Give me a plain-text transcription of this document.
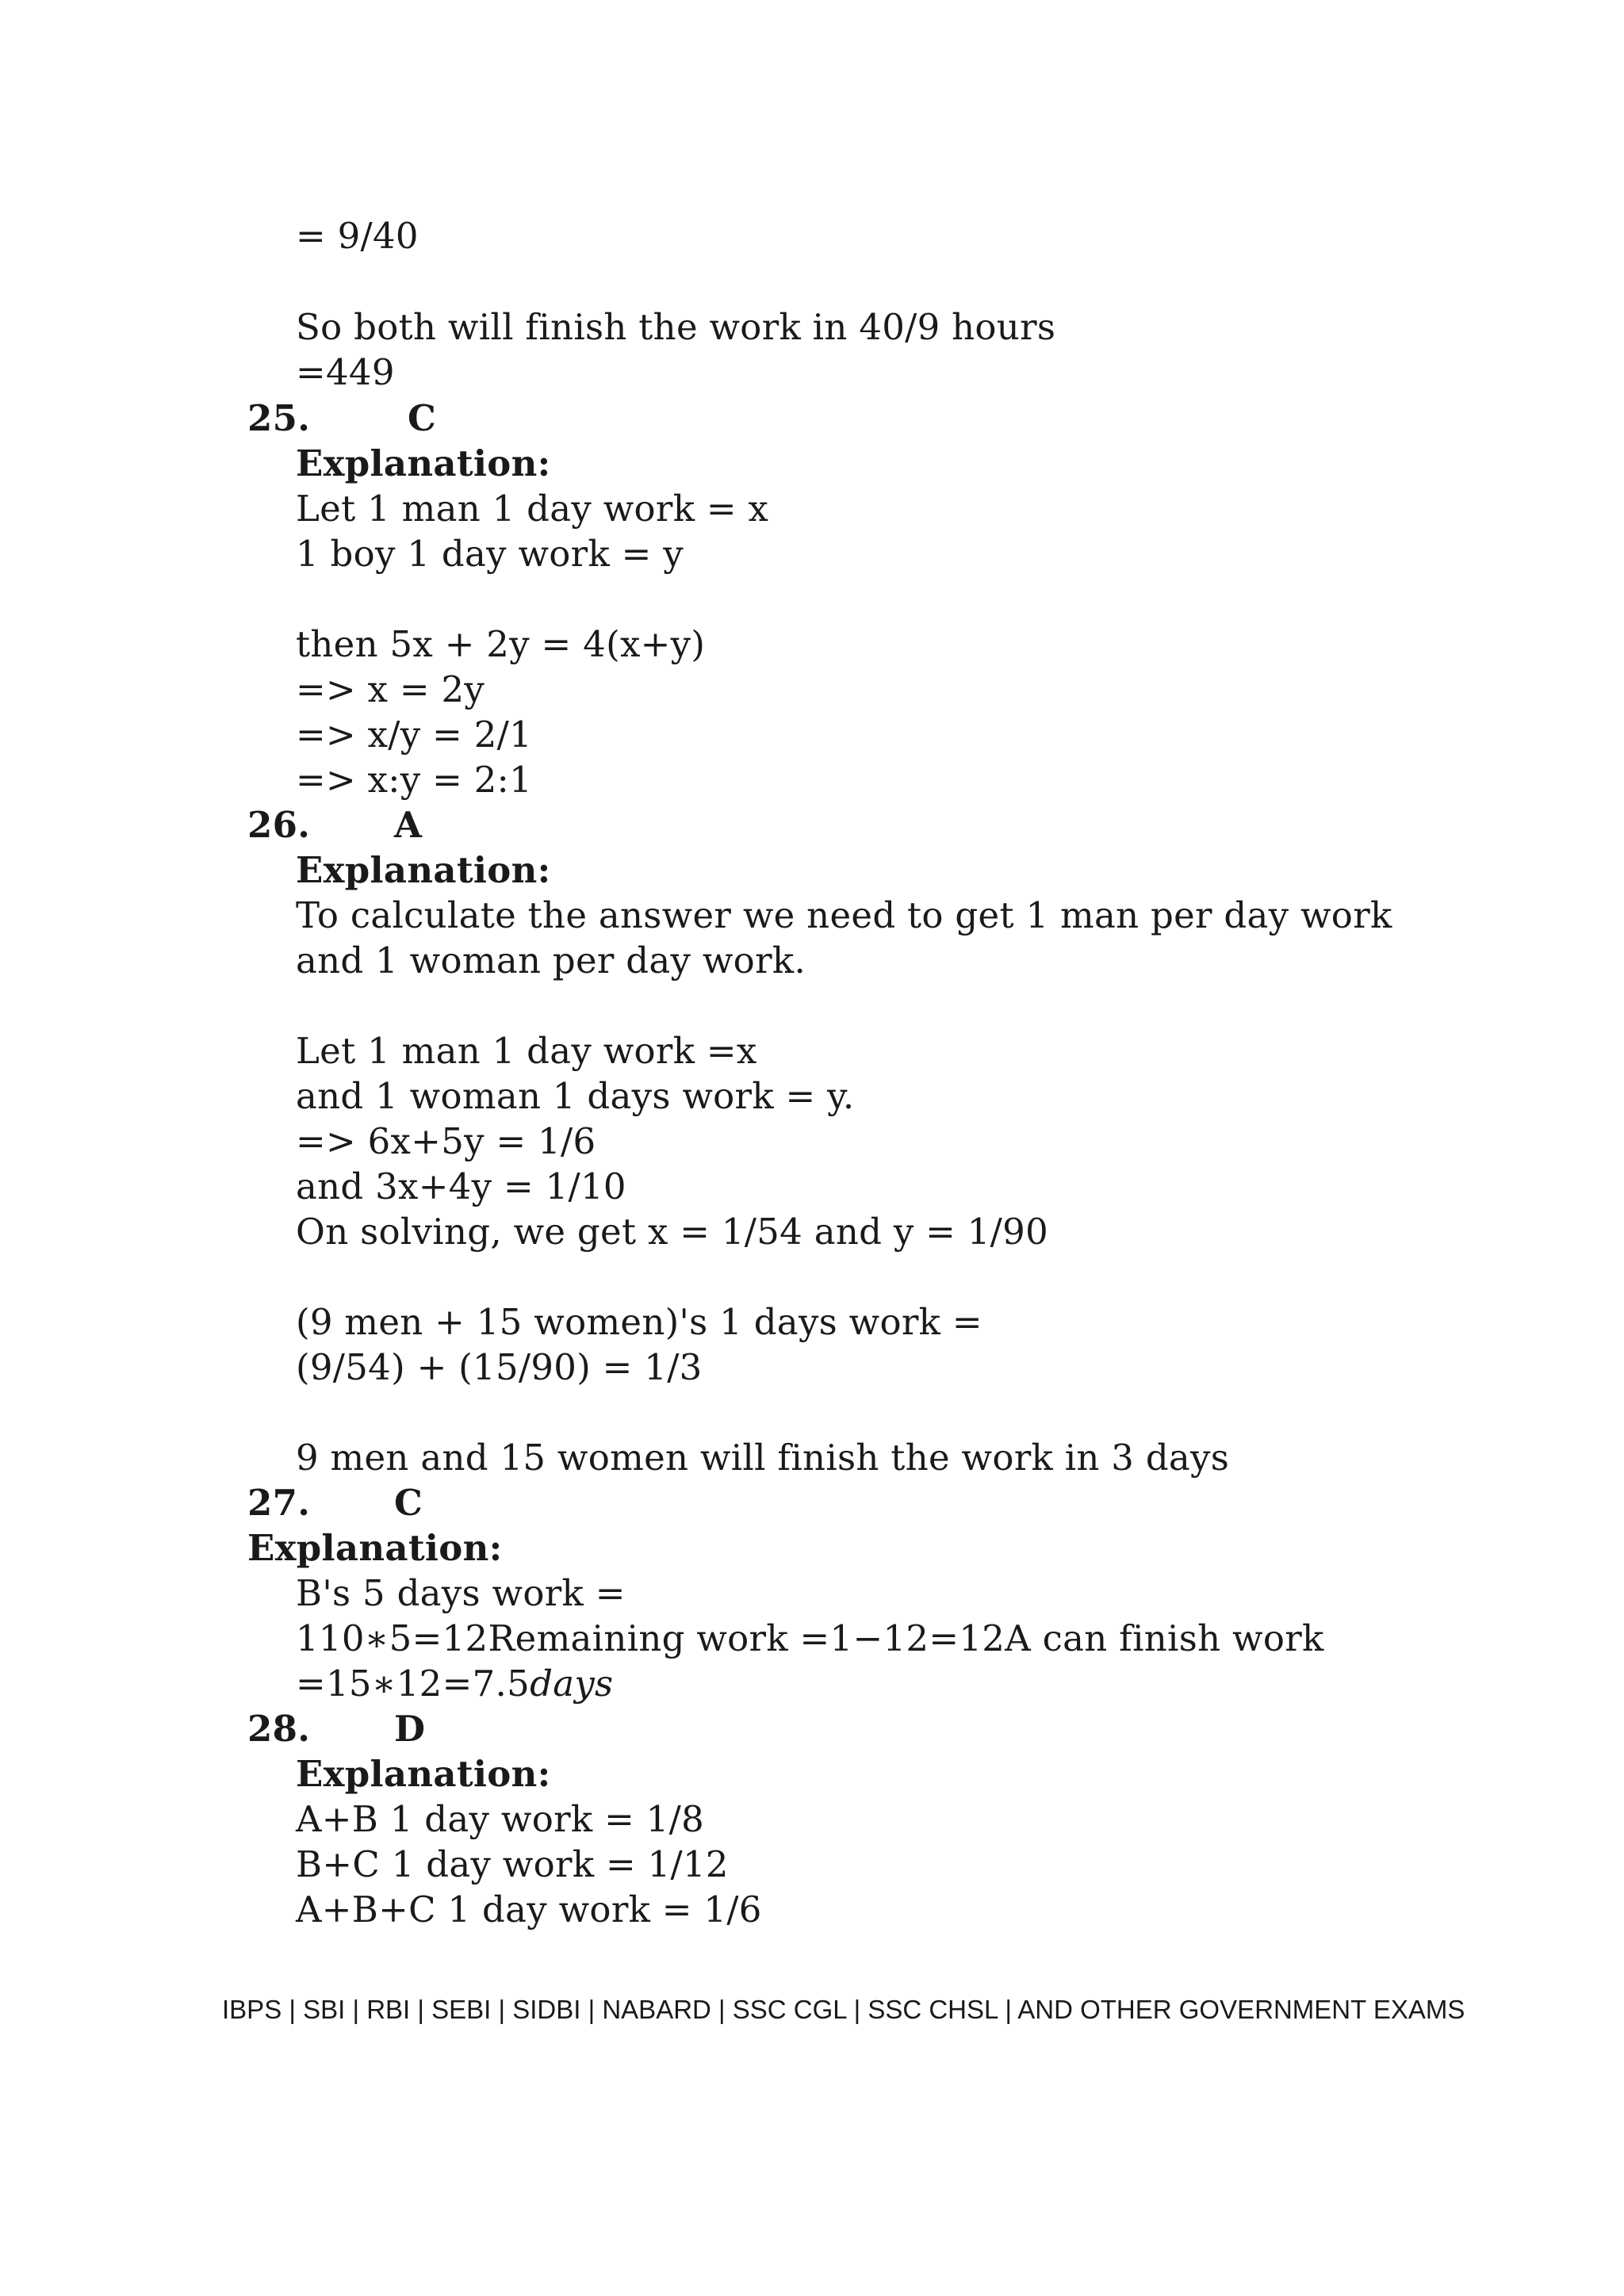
= 9/40
So both will finish the work in 40/9 hours
=449
25.	C
Explanation:
Let 1 man 1 day work = x
1 boy 1 day work = y
then 5x + 2y = 4(x+y)
=> x = 2y
=> x/y = 2/1
=> x:y = 2:1
26. A
Explanation:
To calculate the answer we need to get 1 man per day work
and 1 woman per day work.
Let 1 man 1 day work =x
and 1 woman 1 days work = y.
=> 6x+5y = 1/6
and 3x+4y = 1/10
On solving, we get x = 1/54 and y = 1/90
(9 men + 15 women)'s 1 days work =
(9/54) + (15/90) = 1/3
9 men and 15 women will finish the work in 3 days
27. C
Explanation:
B's 5 days work =
110∗5=12Remaining work =1−12=12A can finish work
=15∗12=7.5days
28. D
Explanation:
A+B 1 day work = 1/8
B+C 1 day work = 1/12
A+B+C 1 day work = 1/6
IBPS | SBI | RBI | SEBI | SIDBI | NABARD | SSC CGL | SSC CHSL | AND OTHER GOVERNMENT EXAMS
